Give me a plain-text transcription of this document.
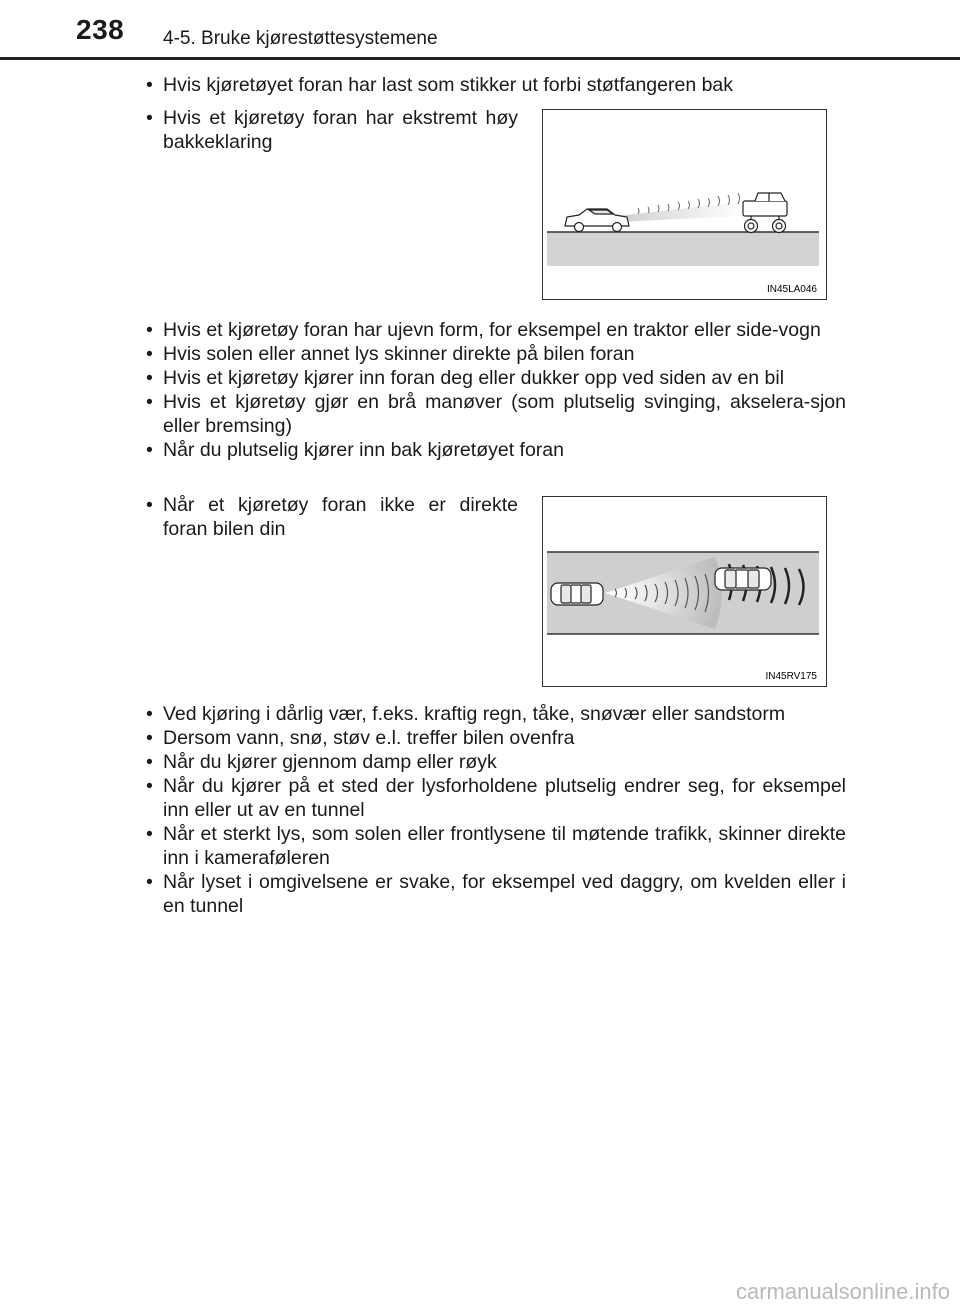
238 4-5. Bruke kjørestøttesystemene
• Hvis kjøretøyet foran har last som stikker ut forbi støtfangeren bak
• Hvis et kjøretøy foran har ekstremt høy bakkeklaring
IN45LA046
• Hvis et kjøretøy foran har ujevn form, for eksempel en traktor eller side-vogn
• Hvis solen eller annet lys skinner direkte på bilen foran
• Hvis et kjøretøy kjører inn foran deg eller dukker opp ved siden av en bil
• Hvis et kjøretøy gjør en brå manøver (som plutselig svinging, akselera-sjon eller bremsing)
• Når du plutselig kjører inn bak kjøretøyet foran
• Når et kjøretøy foran ikke er direkte foran bilen din
IN45RV175
• Ved kjøring i dårlig vær, f.eks. kraftig regn, tåke, snøvær eller sandstorm
• Dersom vann, snø, støv e.l. treffer bilen ovenfra
• Når du kjører gjennom damp eller røyk
• Når du kjører på et sted der lysforholdene plutselig endrer seg, for eksempel inn eller ut av en tunnel
• Når et sterkt lys, som solen eller frontlysene til møtende trafikk, skinner direkte inn i kameraføleren
• Når lyset i omgivelsene er svake, for eksempel ved daggry, om kvelden eller i en tunnel
carmanualsonline.info
